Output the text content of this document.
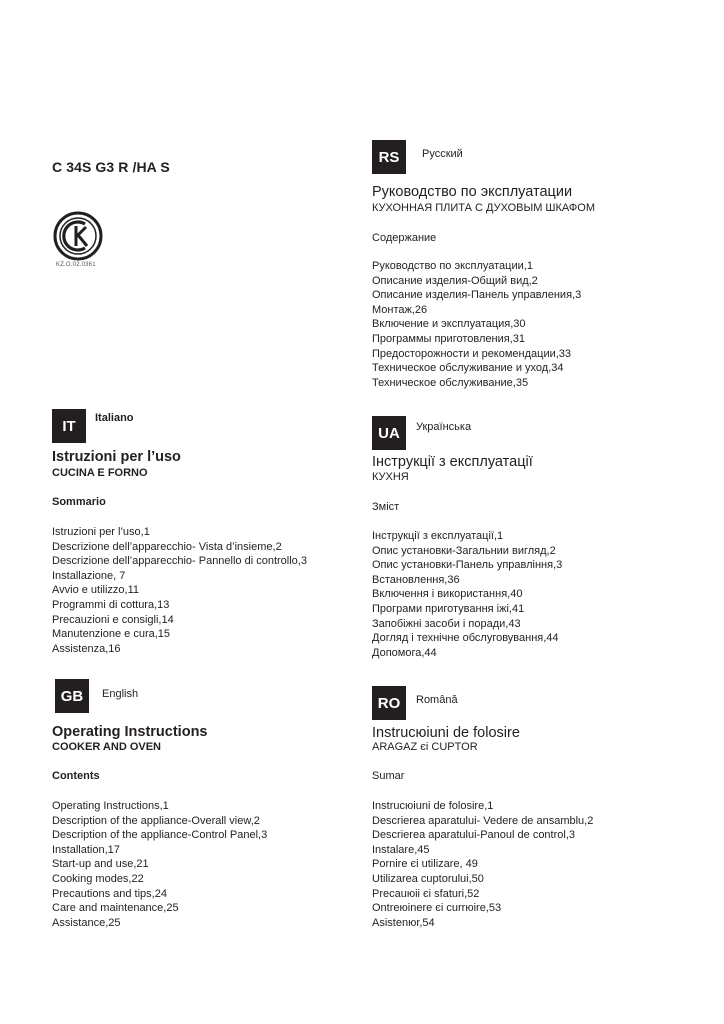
C 34S G3 R /HA S
KZ.O.02.0361
RS	Русский
Руководство по эксплуатации
КУХОННАЯ ПЛИТА С ДУХОВЫМ ШКАФОМ
Содержание
Руководство по эксплуатации,1
Описание изделия-Общий вид,2
Описание изделия-Панель управления,3
Монтаж,26
Включение и эксплуатация,30
Программы приготовления,31
Предосторожности и рекомендации,33
Техническое обслуживание и уход,34
Техническое обслуживание,35
IT	Italiano
Istruzioni per l’uso
CUCINA E FORNO
Sommario
Istruzioni per l’uso,1
Descrizione dell’apparecchio- Vista d’insieme,2
Descrizione dell’apparecchio- Pannello di controllo,3
Installazione, 7
Avvio e utilizzo,11
Programmi di cottura,13
Precauzioni e consigli,14
Manutenzione e cura,15
Assistenza,16
UA	Українська
Інструкції з експлуатації
КУХНЯ
Зміст
Інструкції з експлуатації,1
Опис установки-Загальнии вигляд,2
Опис установки-Панель управління,3
Встановлення,36
Включення і використання,40
Програми приготування іжі,41
Запобіжні засоби і поради,43
Догляд і технічне обслуговування,44
Допомога,44
GB	English
Operating Instructions
COOKER AND OVEN
Contents
Operating Instructions,1
Description of the appliance-Overall view,2
Description of the appliance-Control Panel,3
Installation,17
Start-up and use,21
Cooking modes,22
Precautions and tips,24
Care and maintenance,25
Assistance,25
RO	Română
Instrucюiuni de folosire
ARAGAZ єi CUPTOR
Sumar
Instrucюiuni de folosire,1
Descrierea aparatului- Vedere de ansamblu,2
Descrierea aparatului-Panoul de control,3
Instalare,45
Pornire єi utilizare, 49
Utilizarea cuptorului,50
Precauюii єi sfaturi,52
Ontreюinere єi currюire,53
Asistenюr,54
